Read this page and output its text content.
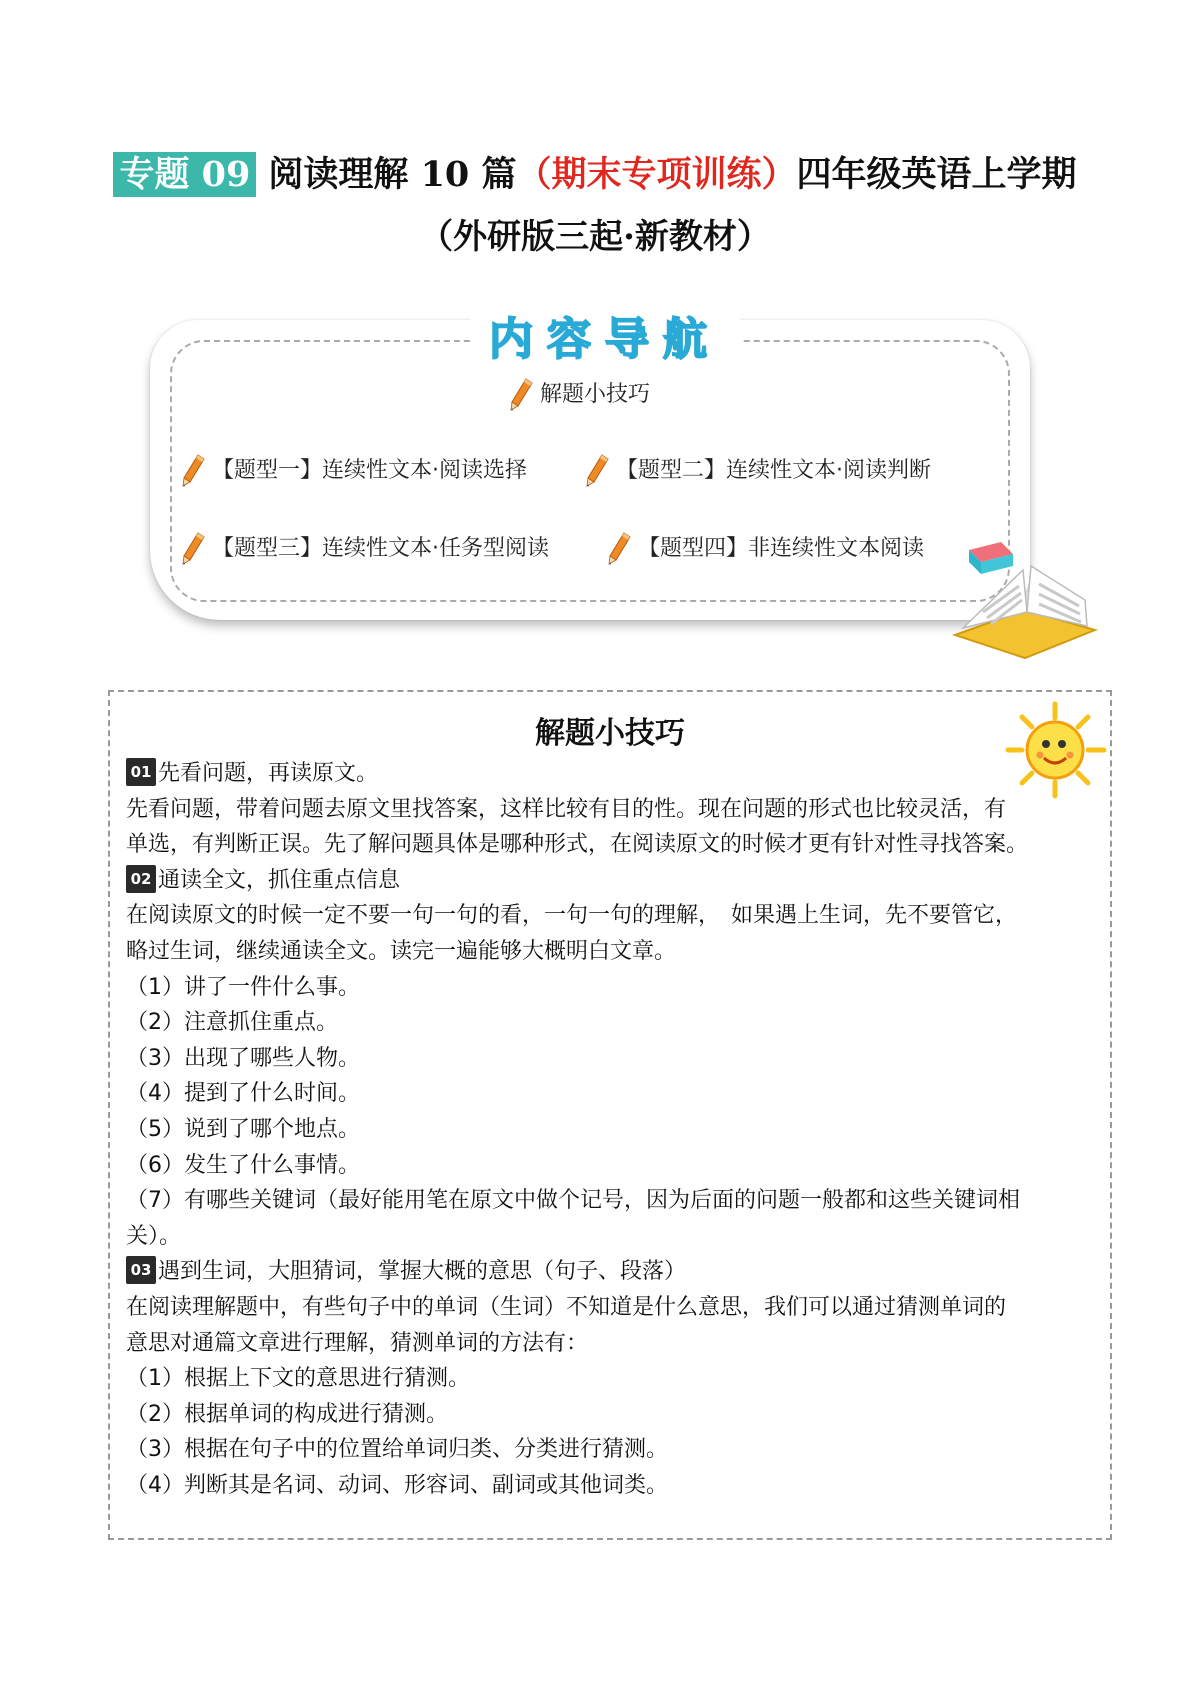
专题 09 阅读理解 10 篇（期末专项训练）四年级英语上学期
（外研版三起·新教材）
内容导航
解题小技巧
【题型一】连续性文本·阅读选择	【题型二】连续性文本·阅读判断
【题型三】连续性文本·任务型阅读	【题型四】非连续性文本阅读
解题小技巧

01 先看问题，再读原文。

先看问题，带着问题去原文里找答案，这样比较有目的性。现在问题的形式也比较灵活，有

单选，有判断正误。先了解问题具体是哪种形式，在阅读原文的时候才更有针对性寻找答案。

02 通读全文，抓住重点信息

在阅读原文的时候一定不要一句一句的看，一句一句的理解，　如果遇上生词，先不要管它，

略过生词，继续通读全文。读完一遍能够大概明白文章。

（1）讲了一件什么事。

（2）注意抓住重点。

（3）出现了哪些人物。

（4）提到了什么时间。

（5）说到了哪个地点。

（6）发生了什么事情。

（7）有哪些关键词（最好能用笔在原文中做个记号，因为后面的问题一般都和这些关键词相

关）。

03 遇到生词，大胆猜词，掌握大概的意思（句子、段落）

在阅读理解题中，有些句子中的单词（生词）不知道是什么意思，我们可以通过猜测单词的

意思对通篇文章进行理解，猜测单词的方法有：

（1）根据上下文的意思进行猜测。

（2）根据单词的构成进行猜测。

（3）根据在句子中的位置给单词归类、分类进行猜测。

（4）判断其是名词、动词、形容词、副词或其他词类。
